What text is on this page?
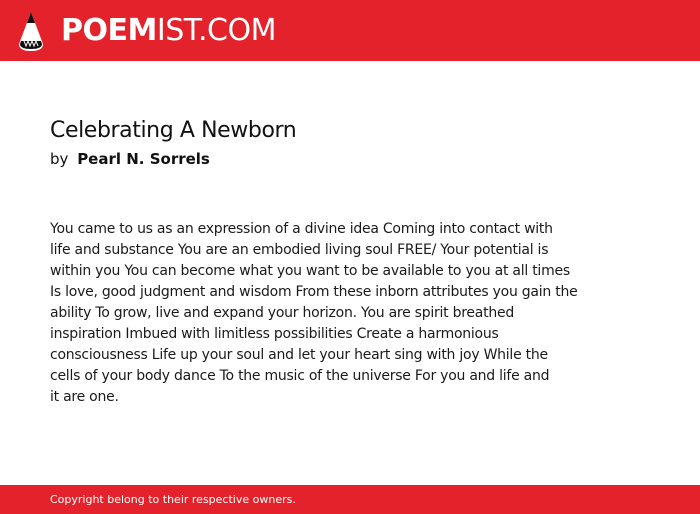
POEMIST.COM
Celebrating A Newborn
by Pearl N. Sorrels
You came to us as an expression of a divine idea Coming into contact with
life and substance You are an embodied living soul FREE/ Your potential is
within you You can become what you want to be available to you at all times
Is love, good judgment and wisdom From these inborn attributes you gain the
ability To grow, live and expand your horizon. You are spirit breathed
inspiration Imbued with limitless possibilities Create a harmonious
consciousness Life up your soul and let your heart sing with joy While the
cells of your body dance To the music of the universe For you and life and
it are one.
Copyright belong to their respective owners.
